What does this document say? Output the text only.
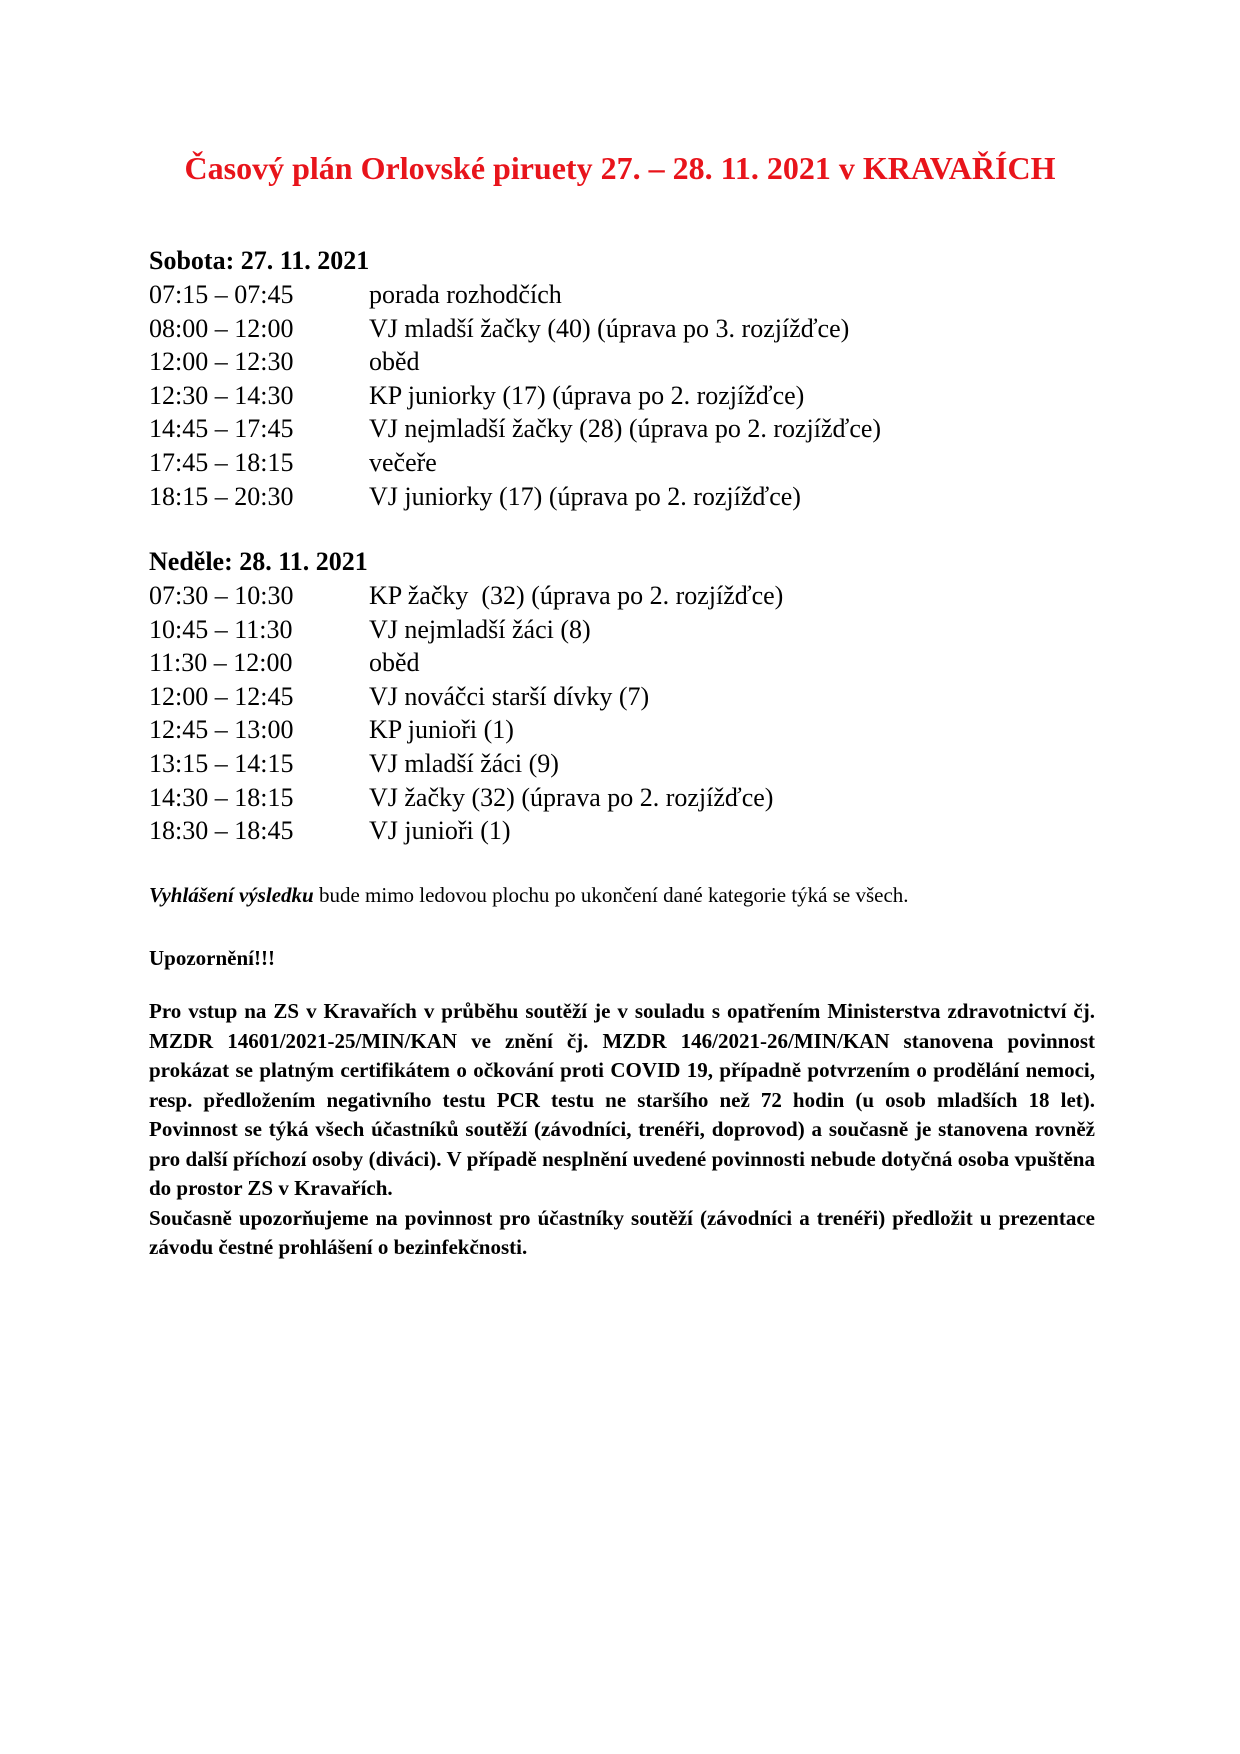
Časový plán Orlovské piruety 27. – 28. 11. 2021 v KRAVAŘÍCH
Sobota: 27. 11. 2021
07:15 – 07:45	porada rozhodčích
08:00 – 12:00	VJ mladší žačky (40) (úprava po 3. rozjížďce)
12:00 – 12:30	oběd
12:30 – 14:30	KP juniorky (17) (úprava po 2. rozjížďce)
14:45 – 17:45	VJ nejmladší žačky (28) (úprava po 2. rozjížďce)
17:45 – 18:15	večeře
18:15 – 20:30	VJ juniorky (17) (úprava po 2. rozjížďce)
Neděle: 28. 11. 2021
07:30 – 10:30	KP žačky  (32) (úprava po 2. rozjížďce)
10:45 – 11:30	VJ nejmladší žáci (8)
11:30 – 12:00	oběd
12:00 – 12:45	VJ nováčci starší dívky (7)
12:45 – 13:00	KP junioři (1)
13:15 – 14:15	VJ mladší žáci (9)
14:30 – 18:15	VJ žačky (32) (úprava po 2. rozjížďce)
18:30 – 18:45	VJ junioři (1)

Vyhlášení výsledku bude mimo ledovou plochu po ukončení dané kategorie týká se všech.

Upozornění!!!

Pro vstup na ZS v Kravařích v průběhu soutěží je v souladu s opatřením Ministerstva zdravotnictví čj. MZDR 14601/2021-25/MIN/KAN ve znění čj. MZDR 146/2021-26/MIN/KAN stanovena povinnost prokázat se platným certifikátem o očkování proti COVID 19, případně potvrzením o prodělání nemoci, resp. předložením negativního testu PCR testu ne staršího než 72 hodin (u osob mladších 18 let). Povinnost se týká všech účastníků soutěží (závodníci, trenéři, doprovod) a současně je stanovena rovněž pro další příchozí osoby (diváci). V případě nesplnění uvedené povinnosti nebude dotyčná osoba vpuštěna do prostor ZS v Kravařích.

Současně upozorňujeme na povinnost pro účastníky soutěží (závodníci a trenéři) předložit u prezentace závodu čestné prohlášení o bezinfekčnosti.
